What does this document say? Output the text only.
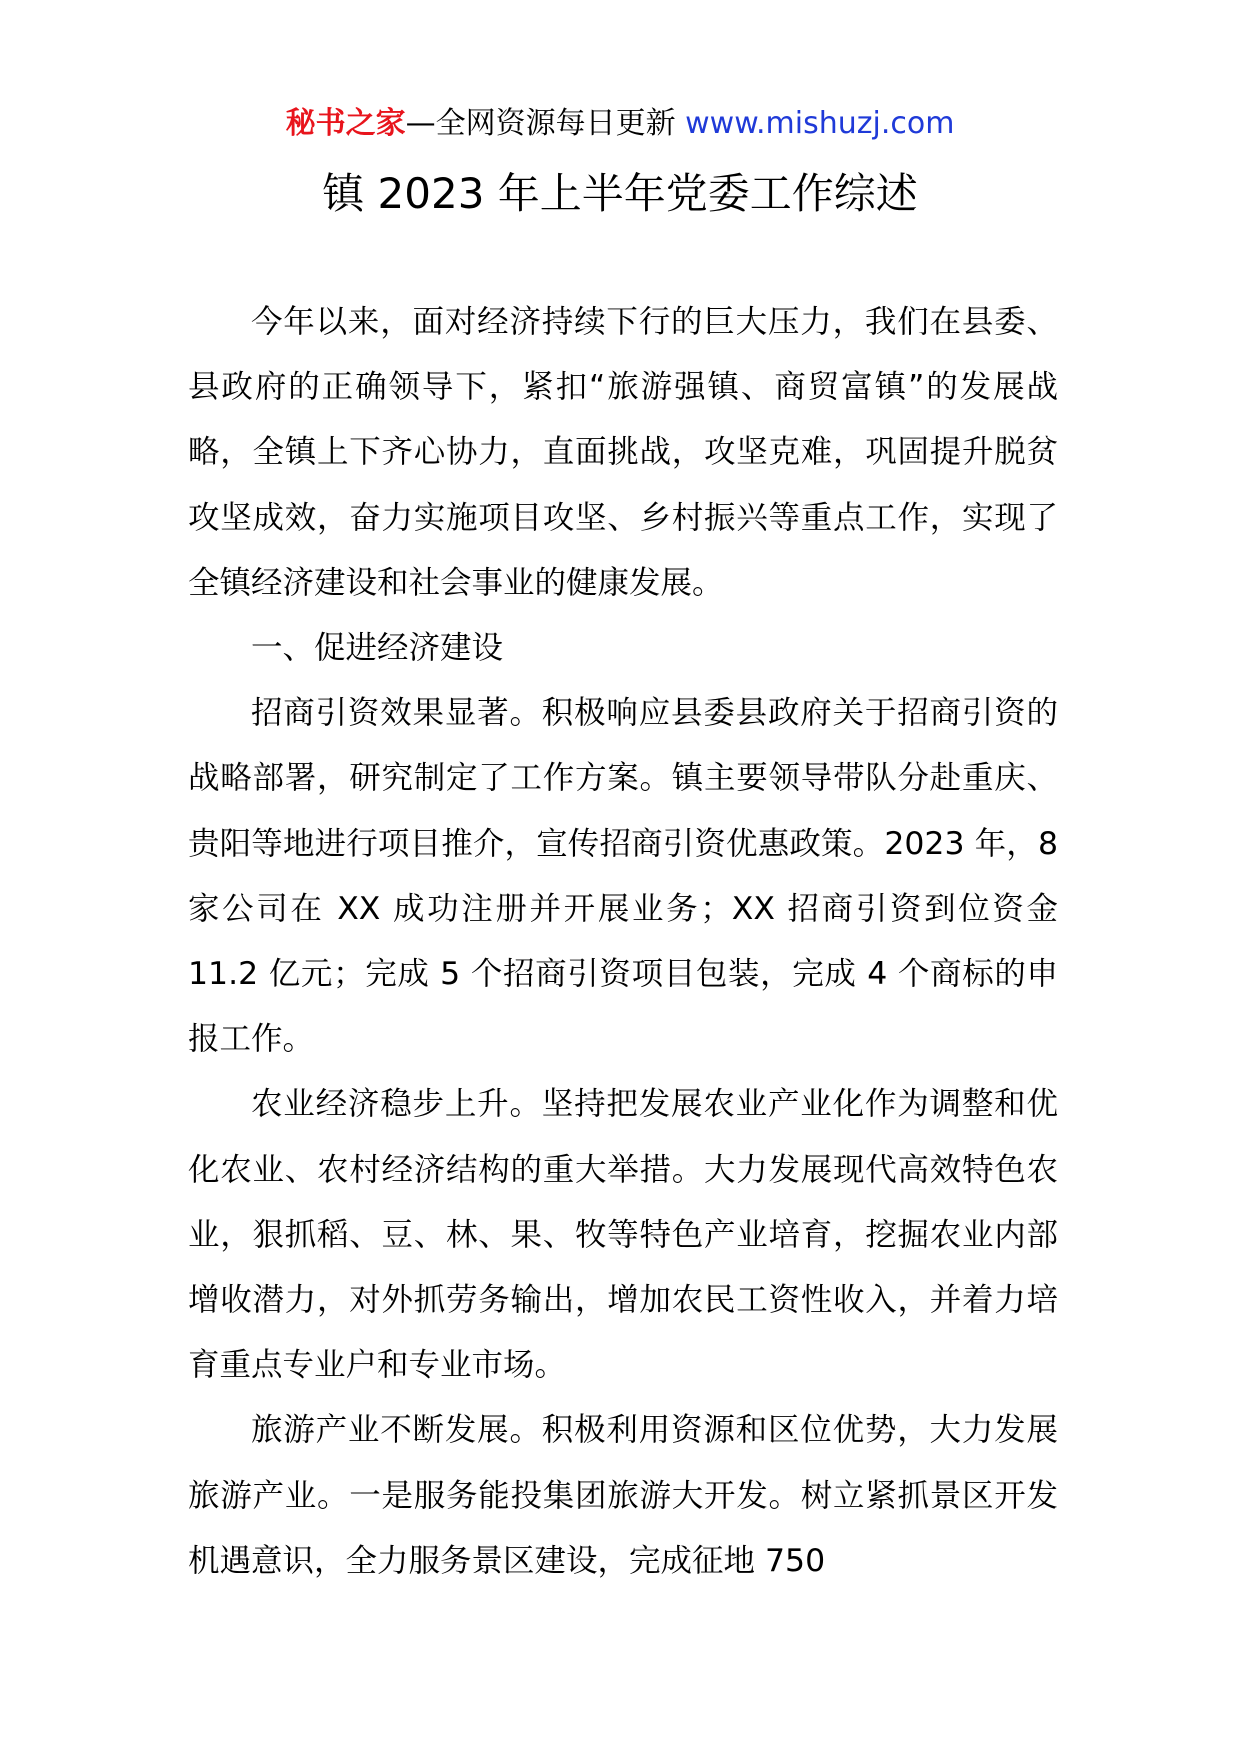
秘书之家—全网资源每日更新 www.mishuzj.com
镇 2023 年上半年党委工作综述

今年以来，面对经济持续下行的巨大压力，我们在县委、县政府的正确领导下，紧扣“旅游强镇、商贸富镇”的发展战略，全镇上下齐心协力，直面挑战，攻坚克难，巩固提升脱贫攻坚成效，奋力实施项目攻坚、乡村振兴等重点工作，实现了全镇经济建设和社会事业的健康发展。

一、促进经济建设

招商引资效果显著。积极响应县委县政府关于招商引资的战略部署，研究制定了工作方案。镇主要领导带队分赴重庆、贵阳等地进行项目推介，宣传招商引资优惠政策。2023 年，8 家公司在 XX 成功注册并开展业务；XX 招商引资到位资金 11.2 亿元；完成 5 个招商引资项目包装，完成 4 个商标的申报工作。

农业经济稳步上升。坚持把发展农业产业化作为调整和优化农业、农村经济结构的重大举措。大力发展现代高效特色农业，狠抓稻、豆、林、果、牧等特色产业培育，挖掘农业内部增收潜力，对外抓劳务输出，增加农民工资性收入，并着力培育重点专业户和专业市场。

旅游产业不断发展。积极利用资源和区位优势，大力发展旅游产业。一是服务能投集团旅游大开发。树立紧抓景区开发机遇意识，全力服务景区建设，完成征地 750
